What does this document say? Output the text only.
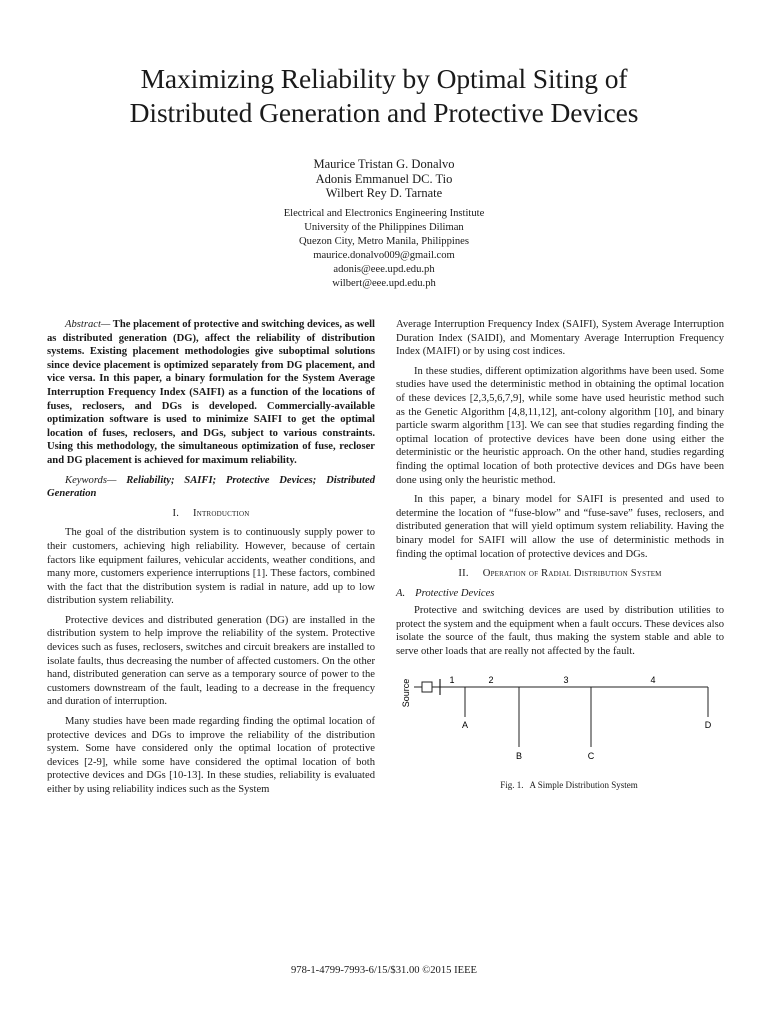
Maximizing Reliability by Optimal Siting of
Distributed Generation and Protective Devices
Maurice Tristan G. Donalvo
Adonis Emmanuel DC. Tio
Wilbert Rey D. Tarnate
Electrical and Electronics Engineering Institute
University of the Philippines Diliman
Quezon City, Metro Manila, Philippines
maurice.donalvo009@gmail.com
adonis@eee.upd.edu.ph
wilbert@eee.upd.edu.ph

Abstract— The placement of protective and switching devices, as well as distributed generation (DG), affect the reliability of distribution systems. Existing placement methodologies give suboptimal solutions since device placement is optimized separately from DG placement, and vice versa. In this paper, a binary formulation for the System Average Interruption Frequency Index (SAIFI) as a function of the locations of fuses, reclosers, and DGs is developed. Commercially-available optimization software is used to minimize SAIFI to get the optimal location of fuses, reclosers, and DGs, subject to various constraints. Using this methodology, the simultaneous optimization of fuse, recloser and DG placement is achieved for maximum reliability.

Keywords— Reliability; SAIFI; Protective Devices; Distributed Generation

I. Introduction

The goal of the distribution system is to continuously supply power to their customers, achieving high reliability. However, because of certain factors like equipment failures, vehicular accidents, weather conditions, and many more, customers experience interruptions [1]. These factors, combined with the fact that the distribution system is radial in nature, add up to low distribution system reliability.

Protective devices and distributed generation (DG) are installed in the distribution system to help improve the reliability of the system. Protective devices such as fuses, reclosers, switches and circuit breakers are installed to isolate faults, thus decreasing the number of affected customers. On the other hand, distributed generation can serve as a temporary source of power to the customers downstream of the fault, leading to a decrease in the frequency and duration of interruption.

Many studies have been made regarding finding the optimal location of protective devices and DGs to improve the reliability of the distribution system. Some have considered only the optimal location of protective devices [2-9], while some have considered the optimal location of both protective devices and DGs [10-13]. In these studies, reliability is evaluated either by using reliability indices such as the System

Average Interruption Frequency Index (SAIFI), System Average Interruption Duration Index (SAIDI), and Momentary Average Interruption Frequency Index (MAIFI) or by using cost indices.

In these studies, different optimization algorithms have been used. Some studies have used the deterministic method in obtaining the optimal location of these devices [2,3,5,6,7,9], while some have used heuristic method such as the Genetic Algorithm [4,8,11,12], ant-colony algorithm [10], and binary particle swarm algorithm [13]. We can see that studies regarding finding the optimal location of protective devices have been done using either the deterministic or the heuristic approach. On the other hand, studies regarding finding the optimal location of both protective devices and DGs have been done using only the heuristic method.

In this paper, a binary model for SAIFI is presented and used to determine the location of “fuse-blow” and “fuse-save” fuses, reclosers, and distributed generation that will yield optimum system reliability. Having the binary model for SAIFI will allow the use of deterministic methods in finding the optimal location of protective devices and DGs.

II. Operation of Radial Distribution System
A. Protective Devices

Protective and switching devices are used by distribution utilities to protect the system and the equipment when a fault occurs. These devices also isolate the source of the fault, thus making the system stable and able to serve other loads that are really not affected by the fault.

Source	1	2	3	4
A
B	C
D

Fig. 1. A Simple Distribution System

978-1-4799-7993-6/15/$31.00 ©2015 IEEE
